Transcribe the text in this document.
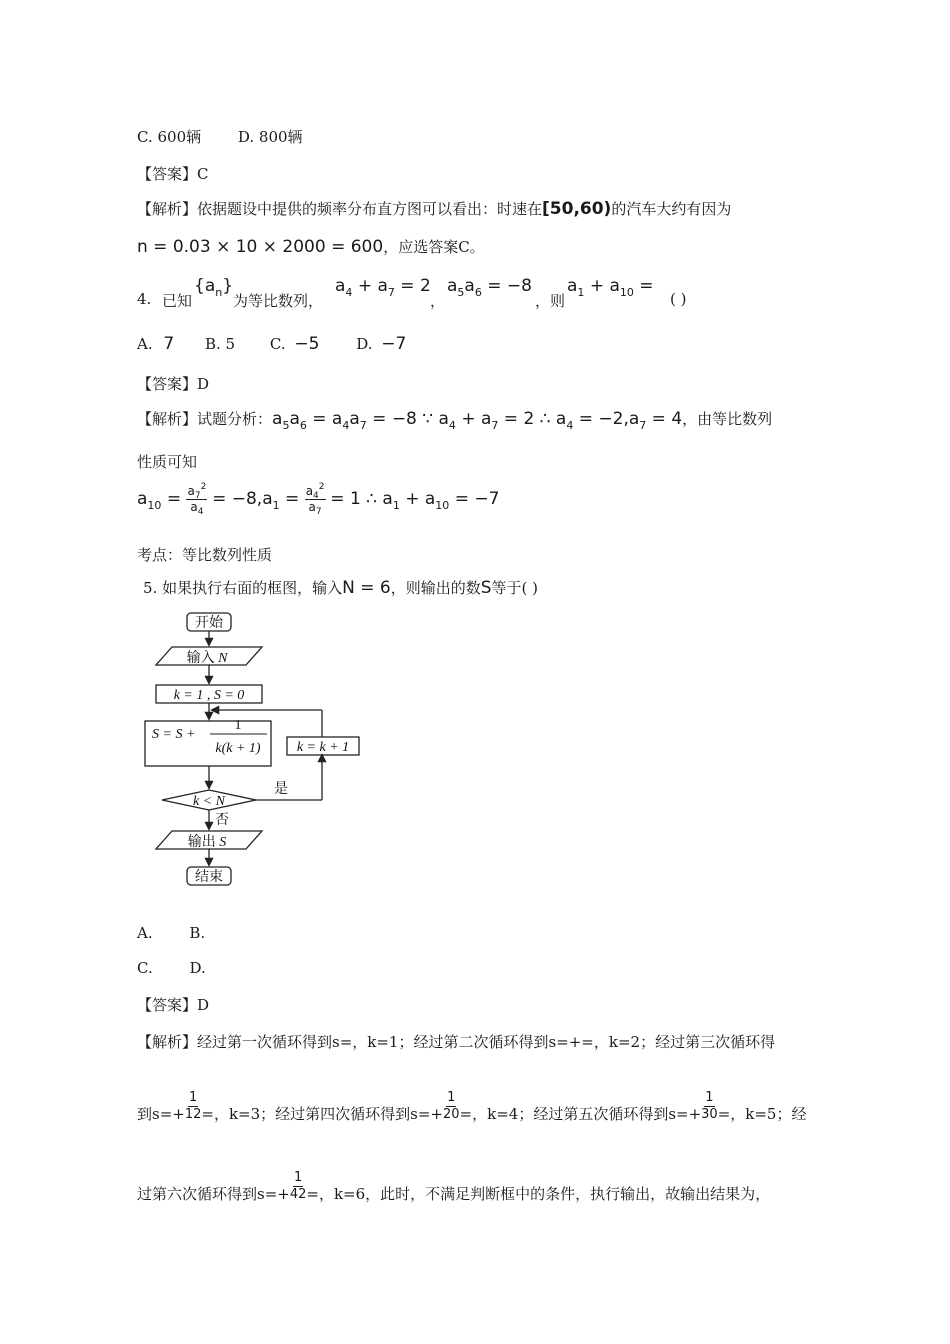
C. 600辆 D. 800辆
【答案】C
【解析】依据题设中提供的频率分布直方图可以看出：时速在[50,60)的汽车大约有因为
n = 0.03 × 10 × 2000 = 600，应选答案C。
4. 已知
$\{a_n\}$
为等比数列，
$a_4 + a_7 = 2$
，
$a_5a_6 = -8$
，则
$a_1 + a_{10}$ =
( )
A. 7 B. 5 C. −5 D. −7
【答案】D
【解析】试题分析：$a_5a_6 = a_4a_7 = -8$ ∵ $a_4 + a_7 = 2$ ∴ $a_4 = -2,a_7 = 4$，由等比数列
性质可知
$a_{10} = \frac{a_7^2}{a_4} = -8,a_1 = \frac{a_4^2}{a_7} = 1$ ∴ $a_1 + a_{10} = -7$
考点：等比数列性质
5. 如果执行右面的框图，输入N = 6，则输出的数S等于( )
开始
输入 N
k = 1 , S = 0
S = S +
1
k(k + 1)	k = k + 1
k < N
是
否
输出 S
结束
A. B.
C. D.
【答案】D
【解析】经过第一次循环得到s=，k=1；经过第二次循环得到s=+=，k=2；经过第三次循环得
到$s=+ \frac{1}{12}$ =，k=3；经过第四次循环得到$s=+ \frac{1}{20}$ =，k=4；经过第五次循环得到$s=+ \frac{1}{30}$ =，k=5；经
过第六次循环得到$s=+ \frac{1}{42}$ =，k=6，此时，不满足判断框中的条件，执行输出，故输出结果为，
